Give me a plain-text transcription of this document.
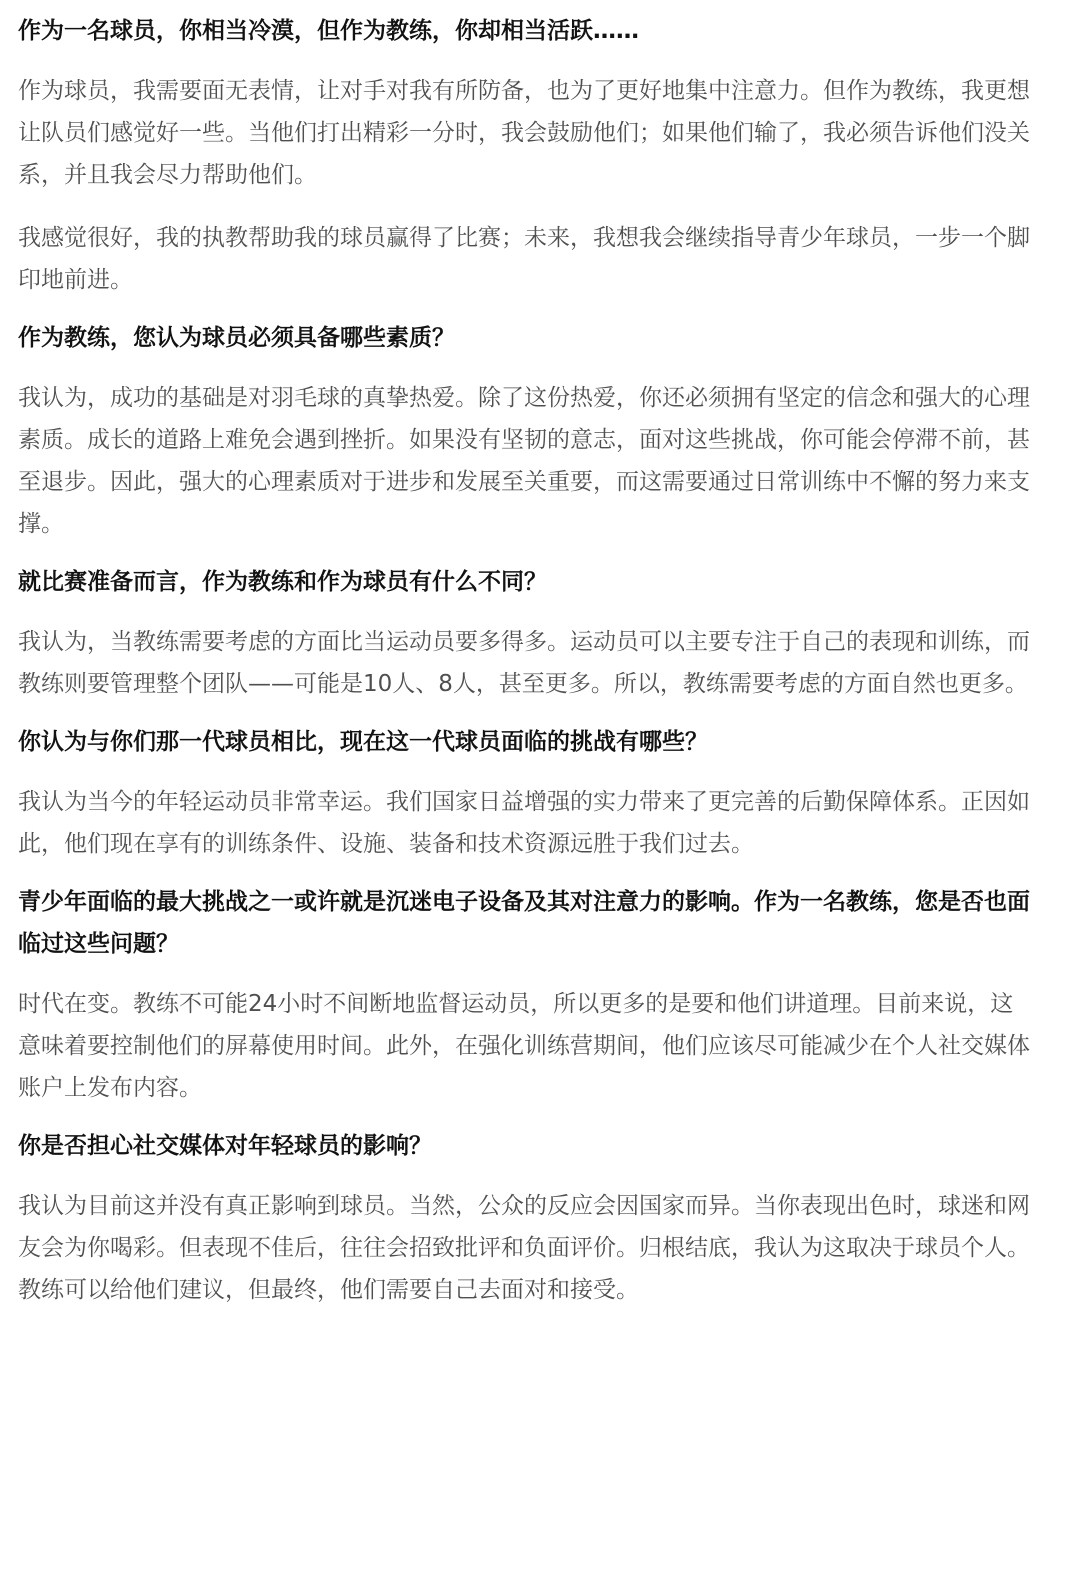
作为一名球员，你相当冷漠，但作为教练，你却相当活跃……

作为球员，我需要面无表情，让对手对我有所防备，也为了更好地集中注意力。但作为教练，我更想让队员们感觉好一些。当他们打出精彩一分时，我会鼓励他们；如果他们输了，我必须告诉他们没关系，并且我会尽力帮助他们。

我感觉很好，我的执教帮助我的球员赢得了比赛；未来，我想我会继续指导青少年球员，一步一个脚印地前进。

作为教练，您认为球员必须具备哪些素质？

我认为，成功的基础是对羽毛球的真挚热爱。除了这份热爱，你还必须拥有坚定的信念和强大的心理素质。成长的道路上难免会遇到挫折。如果没有坚韧的意志，面对这些挑战，你可能会停滞不前，甚至退步。因此，强大的心理素质对于进步和发展至关重要，而这需要通过日常训练中不懈的努力来支撑。

就比赛准备而言，作为教练和作为球员有什么不同？

我认为，当教练需要考虑的方面比当运动员要多得多。运动员可以主要专注于自己的表现和训练，而教练则要管理整个团队——可能是10人、8人，甚至更多。所以，教练需要考虑的方面自然也更多。

你认为与你们那一代球员相比，现在这一代球员面临的挑战有哪些？

我认为当今的年轻运动员非常幸运。我们国家日益增强的实力带来了更完善的后勤保障体系。正因如此，他们现在享有的训练条件、设施、装备和技术资源远胜于我们过去。

青少年面临的最大挑战之一或许就是沉迷电子设备及其对注意力的影响。作为一名教练，您是否也面临过这些问题？

时代在变。教练不可能24小时不间断地监督运动员，所以更多的是要和他们讲道理。目前来说，这意味着要控制他们的屏幕使用时间。此外，在强化训练营期间，他们应该尽可能减少在个人社交媒体账户上发布内容。

你是否担心社交媒体对年轻球员的影响？

我认为目前这并没有真正影响到球员。当然，公众的反应会因国家而异。当你表现出色时，球迷和网友会为你喝彩。但表现不佳后，往往会招致批评和负面评价。归根结底，我认为这取决于球员个人。教练可以给他们建议，但最终，他们需要自己去面对和接受。
